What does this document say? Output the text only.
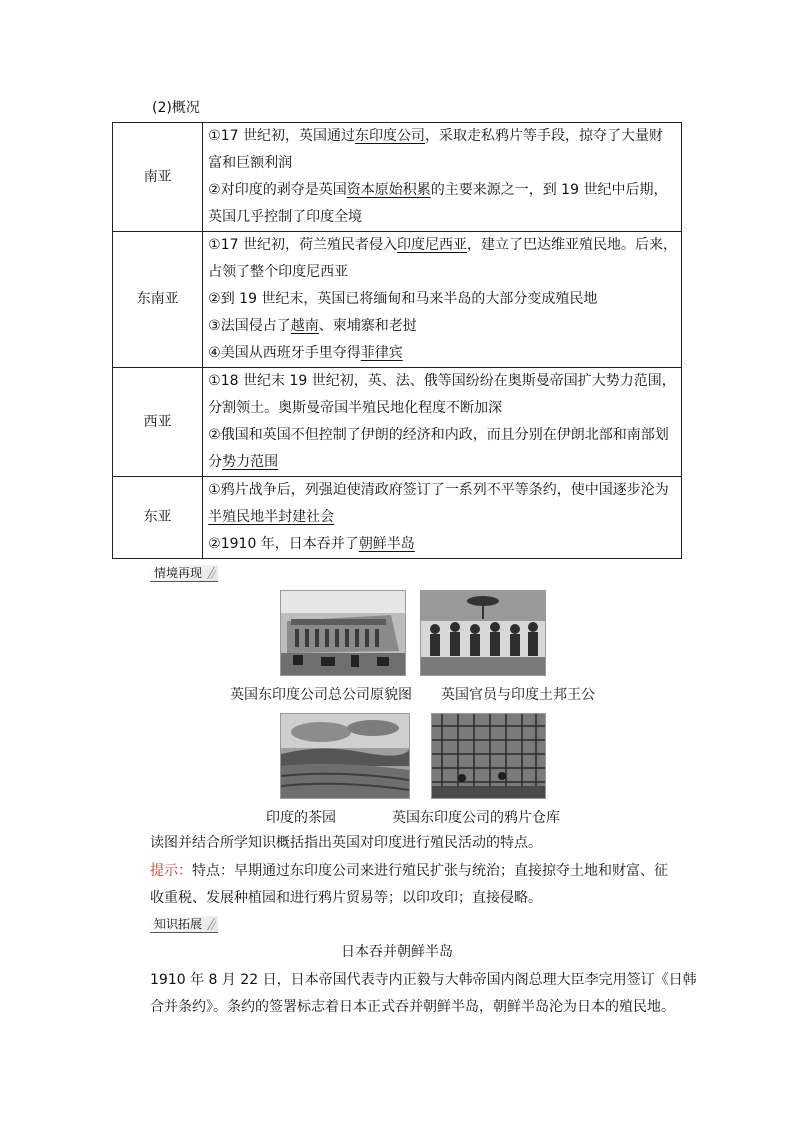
(2)概况
南亚	①17 世纪初，英国通过东印度公司，采取走私鸦片等手段，掠夺了大量财
富和巨额利润
②对印度的剥夺是英国资本原始积累的主要来源之一，到 19 世纪中后期，
英国几乎控制了印度全境

东南亚	①17 世纪初，荷兰殖民者侵入印度尼西亚，建立了巴达维亚殖民地。后来，
占领了整个印度尼西亚
②到 19 世纪末，英国已将缅甸和马来半岛的大部分变成殖民地
③法国侵占了越南、柬埔寨和老挝
④美国从西班牙手里夺得菲律宾

西亚	①18 世纪末 19 世纪初，英、法、俄等国纷纷在奥斯曼帝国扩大势力范围，
分割领土。奥斯曼帝国半殖民地化程度不断加深
②俄国和英国不但控制了伊朗的经济和内政，而且分别在伊朗北部和南部划
分势力范围

东亚	①鸦片战争后，列强迫使清政府签订了一系列不平等条约，使中国逐步沦为
半殖民地半封建社会
②1910 年，日本吞并了朝鲜半岛
情境再现
英国东印度公司总公司原貌图 英国官员与印度土邦王公
印度的茶园	英国东印度公司的鸦片仓库
读图并结合所学知识概括指出英国对印度进行殖民活动的特点。
提示：特点：早期通过东印度公司来进行殖民扩张与统治；直接掠夺土地和财富、征
收重税、发展种植园和进行鸦片贸易等；以印攻印；直接侵略。
知识拓展
日本吞并朝鲜半岛
1910 年 8 月 22 日，日本帝国代表寺内正毅与大韩帝国内阁总理大臣李完用签订《日韩
合并条约》。条约的签署标志着日本正式吞并朝鲜半岛，朝鲜半岛沦为日本的殖民地。
